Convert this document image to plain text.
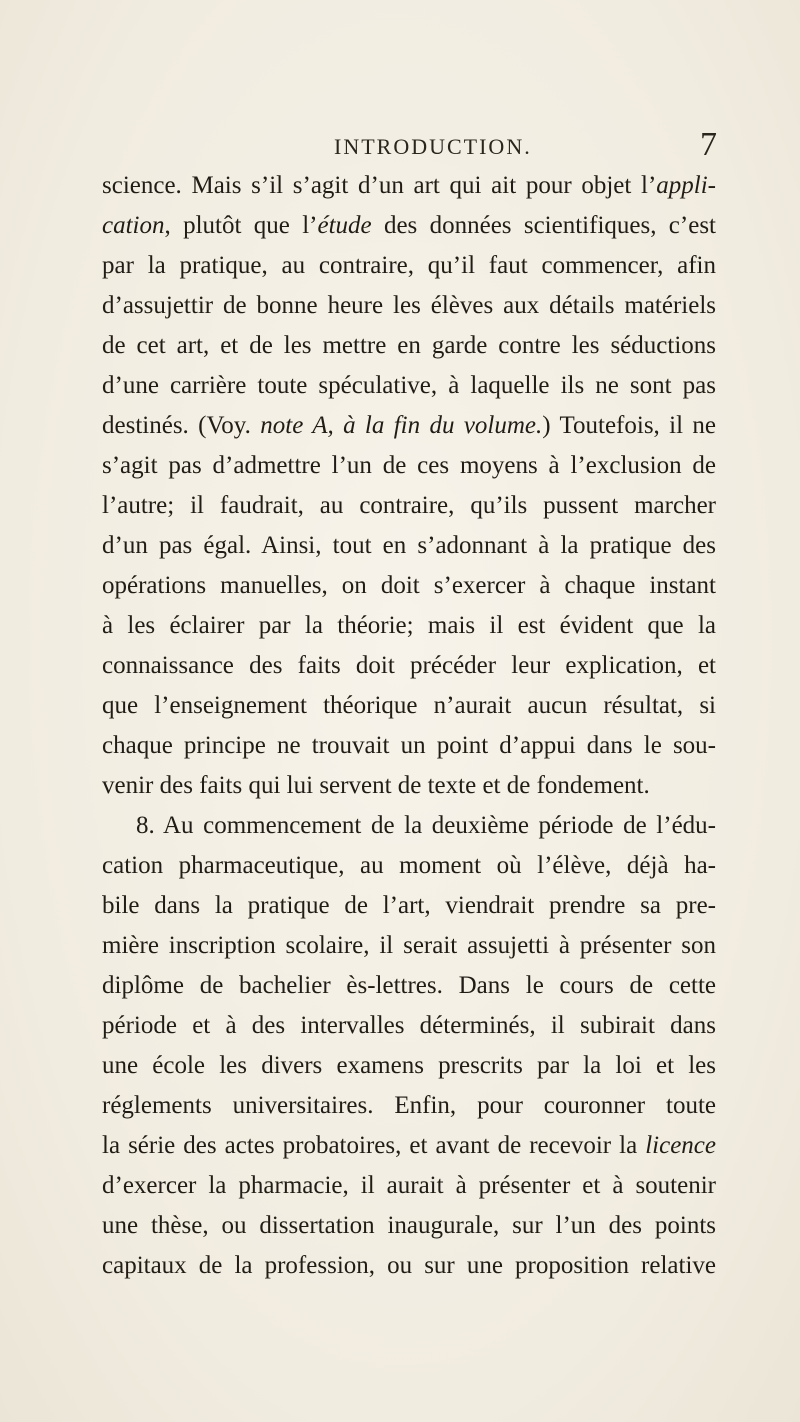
INTRODUCTION.	7
science. Mais s’il s’agit d’un art qui ait pour objet l’appli-
cation, plutôt que l’étude des données scientifiques, c’est
par la pratique, au contraire, qu’il faut commencer, afin
d’assujettir de bonne heure les élèves aux détails matériels
de cet art, et de les mettre en garde contre les séductions
d’une carrière toute spéculative, à laquelle ils ne sont pas
destinés. (Voy. note A, à la fin du volume.) Toutefois, il ne
s’agit pas d’admettre l’un de ces moyens à l’exclusion de
l’autre; il faudrait, au contraire, qu’ils pussent marcher
d’un pas égal. Ainsi, tout en s’adonnant à la pratique des
opérations manuelles, on doit s’exercer à chaque instant
à les éclairer par la théorie; mais il est évident que la
connaissance des faits doit précéder leur explication, et
que l’enseignement théorique n’aurait aucun résultat, si
chaque principe ne trouvait un point d’appui dans le sou-
venir des faits qui lui servent de texte et de fondement.
8. Au commencement de la deuxième période de l’édu-
cation pharmaceutique, au moment où l’élève, déjà ha-
bile dans la pratique de l’art, viendrait prendre sa pre-
mière inscription scolaire, il serait assujetti à présenter son
diplôme de bachelier ès-lettres. Dans le cours de cette
période et à des intervalles déterminés, il subirait dans
une école les divers examens prescrits par la loi et les
réglements universitaires. Enfin, pour couronner toute
la série des actes probatoires, et avant de recevoir la licence
d’exercer la pharmacie, il aurait à présenter et à soutenir
une thèse, ou dissertation inaugurale, sur l’un des points
capitaux de la profession, ou sur une proposition relative
